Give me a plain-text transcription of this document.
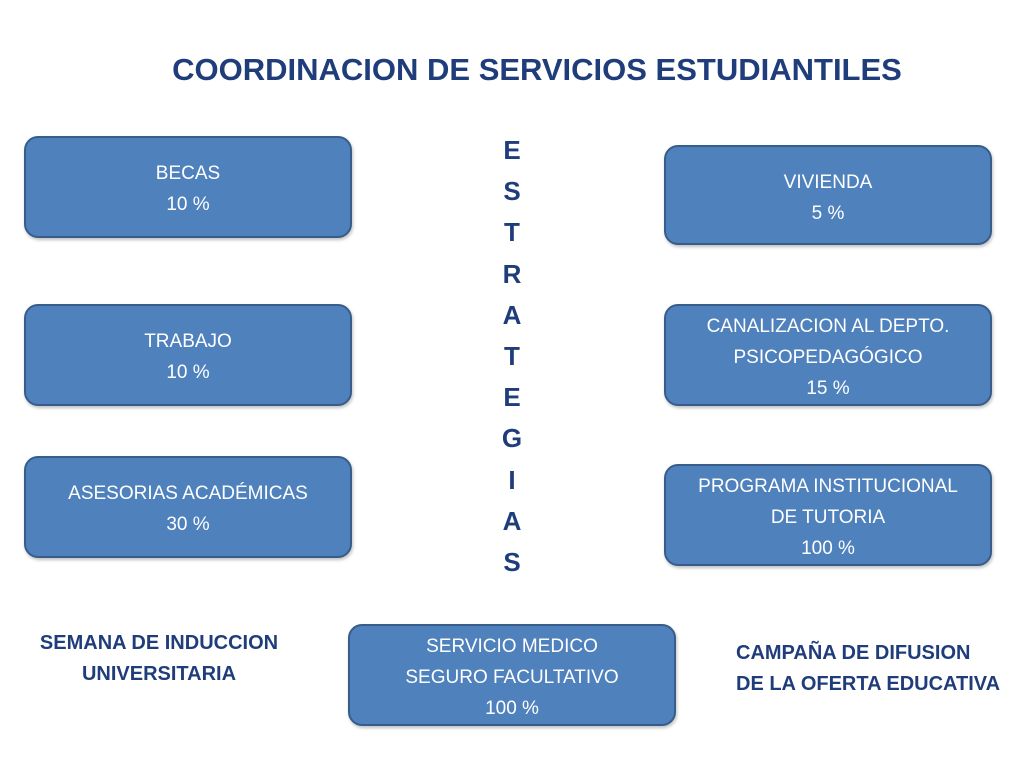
COORDINACION DE SERVICIOS ESTUDIANTILES
BECAS
10 %
TRABAJO
10 %
ASESORIAS ACADÉMICAS
30 %
VIVIENDA
5 %
CANALIZACION AL DEPTO.
PSICOPEDAGÓGICO
15 %
PROGRAMA INSTITUCIONAL
DE TUTORIA
100 %
SERVICIO MEDICO
SEGURO FACULTATIVO
100 %
E
S
T
R
A
T
E
G
I
A
S
SEMANA DE INDUCCION
UNIVERSITARIA
CAMPAÑA DE DIFUSION
DE LA OFERTA EDUCATIVA
